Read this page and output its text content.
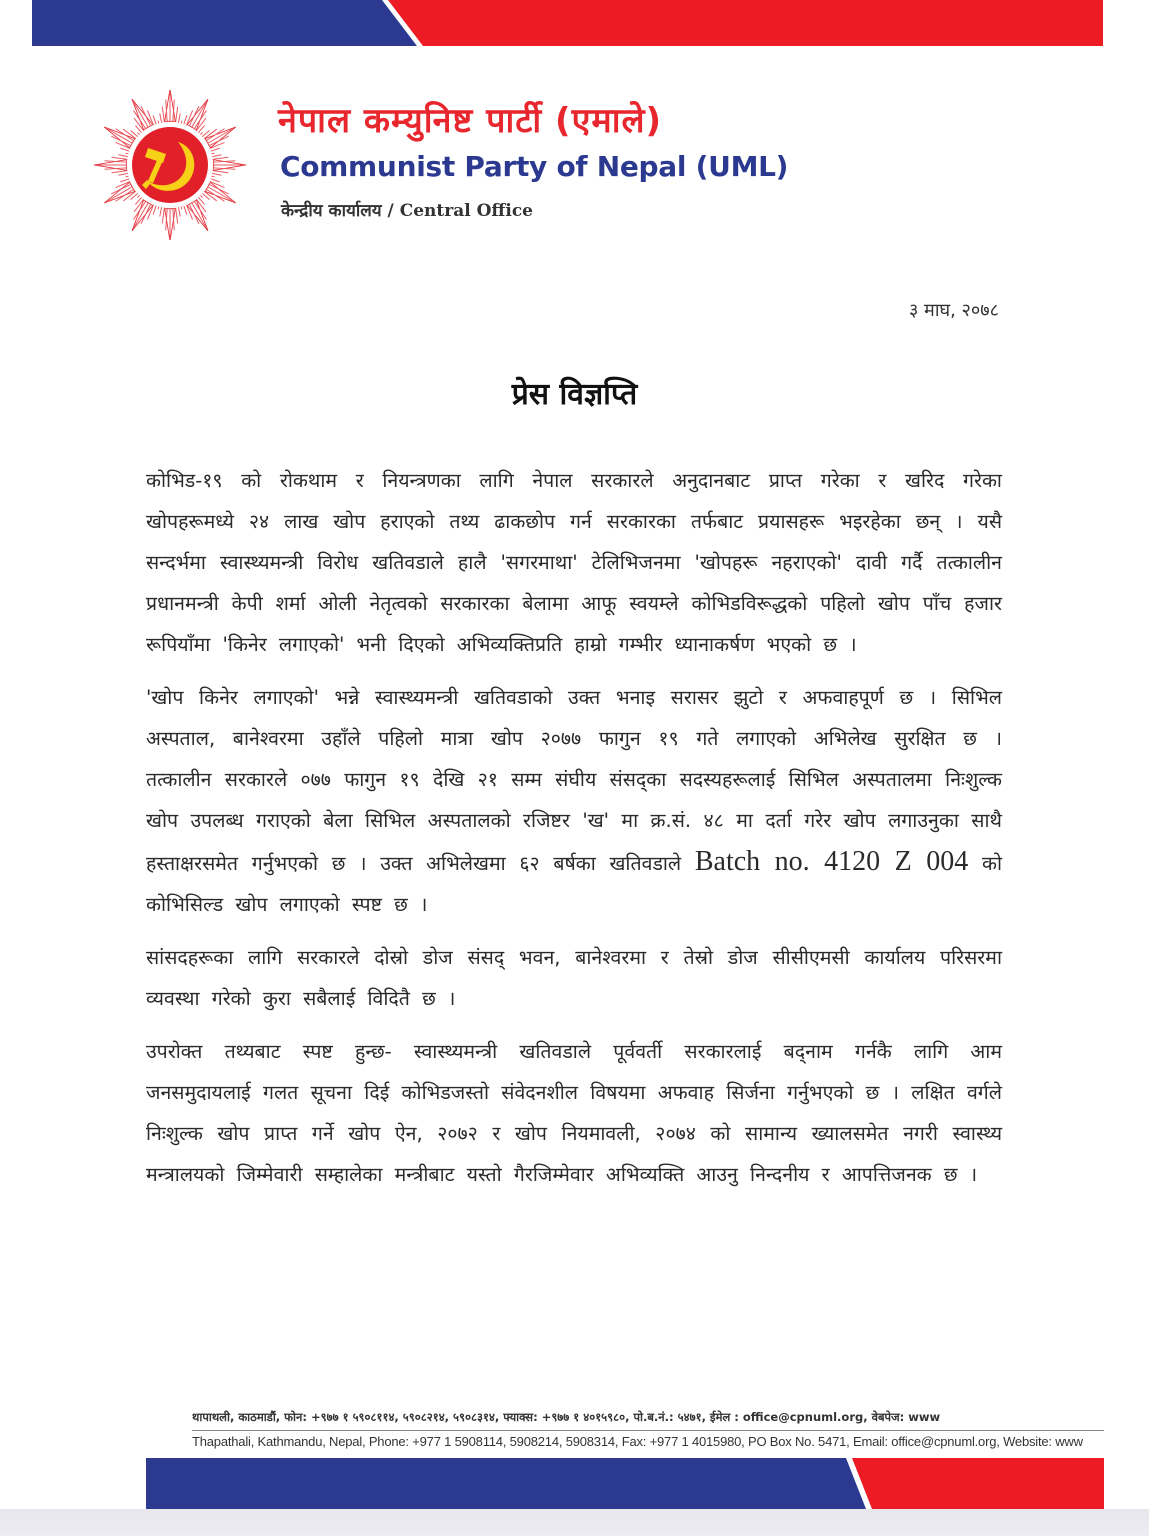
नेपाल कम्युनिष्ट पार्टी (एमाले)
Communist Party of Nepal (UML)
केन्द्रीय कार्यालय / Central Office
३ माघ, २०७८
प्रेस विज्ञप्ति

कोभिड-१९ को रोकथाम र नियन्त्रणका लागि नेपाल सरकारले अनुदानबाट प्राप्त गरेका र खरिद गरेका खोपहरूमध्ये २४ लाख खोप हराएको तथ्य ढाकछोप गर्न सरकारका तर्फबाट प्रयासहरू भइरहेका छन् । यसै सन्दर्भमा स्वास्थ्यमन्त्री विरोध खतिवडाले हालै 'सगरमाथा' टेलिभिजनमा 'खोपहरू नहराएको' दावी गर्दै तत्कालीन प्रधानमन्त्री केपी शर्मा ओली नेतृत्वको सरकारका बेलामा आफू स्वयम्ले कोभिडविरूद्धको पहिलो खोप पाँच हजार रूपियाँमा 'किनेर लगाएको' भनी दिएको अभिव्यक्तिप्रति हाम्रो गम्भीर ध्यानाकर्षण भएको छ ।

'खोप किनेर लगाएको' भन्ने स्वास्थ्यमन्त्री खतिवडाको उक्त भनाइ सरासर झुटो र अफवाहपूर्ण छ । सिभिल अस्पताल, बानेश्वरमा उहाँले पहिलो मात्रा खोप २०७७ फागुन १९ गते लगाएको अभिलेख सुरक्षित छ । तत्कालीन सरकारले ०७७ फागुन १९ देखि २१ सम्म संघीय संसद्का सदस्यहरूलाई सिभिल अस्पतालमा निःशुल्क खोप उपलब्ध गराएको बेला सिभिल अस्पतालको रजिष्टर 'ख' मा क्र.सं. ४८ मा दर्ता गरेर खोप लगाउनुका साथै हस्ताक्षरसमेत गर्नुभएको छ । उक्त अभिलेखमा ६२ बर्षका खतिवडाले Batch no. 4120 Z 004 को कोभिसिल्ड खोप लगाएको स्पष्ट छ ।

सांसदहरूका लागि सरकारले दोस्रो डोज संसद् भवन, बानेश्वरमा र तेस्रो डोज सीसीएमसी कार्यालय परिसरमा व्यवस्था गरेको कुरा सबैलाई विदितै छ ।

उपरोक्त तथ्यबाट स्पष्ट हुन्छ- स्वास्थ्यमन्त्री खतिवडाले पूर्ववर्ती सरकारलाई बद्नाम गर्नकै लागि आम जनसमुदायलाई गलत सूचना दिई कोभिडजस्तो संवेदनशील विषयमा अफवाह सिर्जना गर्नुभएको छ । लक्षित वर्गले निःशुल्क खोप प्राप्त गर्ने खोप ऐन, २०७२ र खोप नियमावली, २०७४ को सामान्य ख्यालसमेत नगरी स्वास्थ्य मन्त्रालयको जिम्मेवारी सम्हालेका मन्त्रीबाट यस्तो गैरजिम्मेवार अभिव्यक्ति आउनु निन्दनीय र आपत्तिजनक छ ।

थापाथली, काठमाडौं, फोन: +९७७ १ ५९०८११४, ५९०८२१४, ५९०८३१४, फ्याक्स: +९७७ १ ४०१५९८०, पो.ब.नं.: ५४७१, ईमेल : office@cpnuml.org, वेबपेज: www
Thapathali, Kathmandu, Nepal, Phone: +977 1 5908114, 5908214, 5908314, Fax: +977 1 4015980, PO Box No. 5471, Email: office@cpnuml.org, Website: www
